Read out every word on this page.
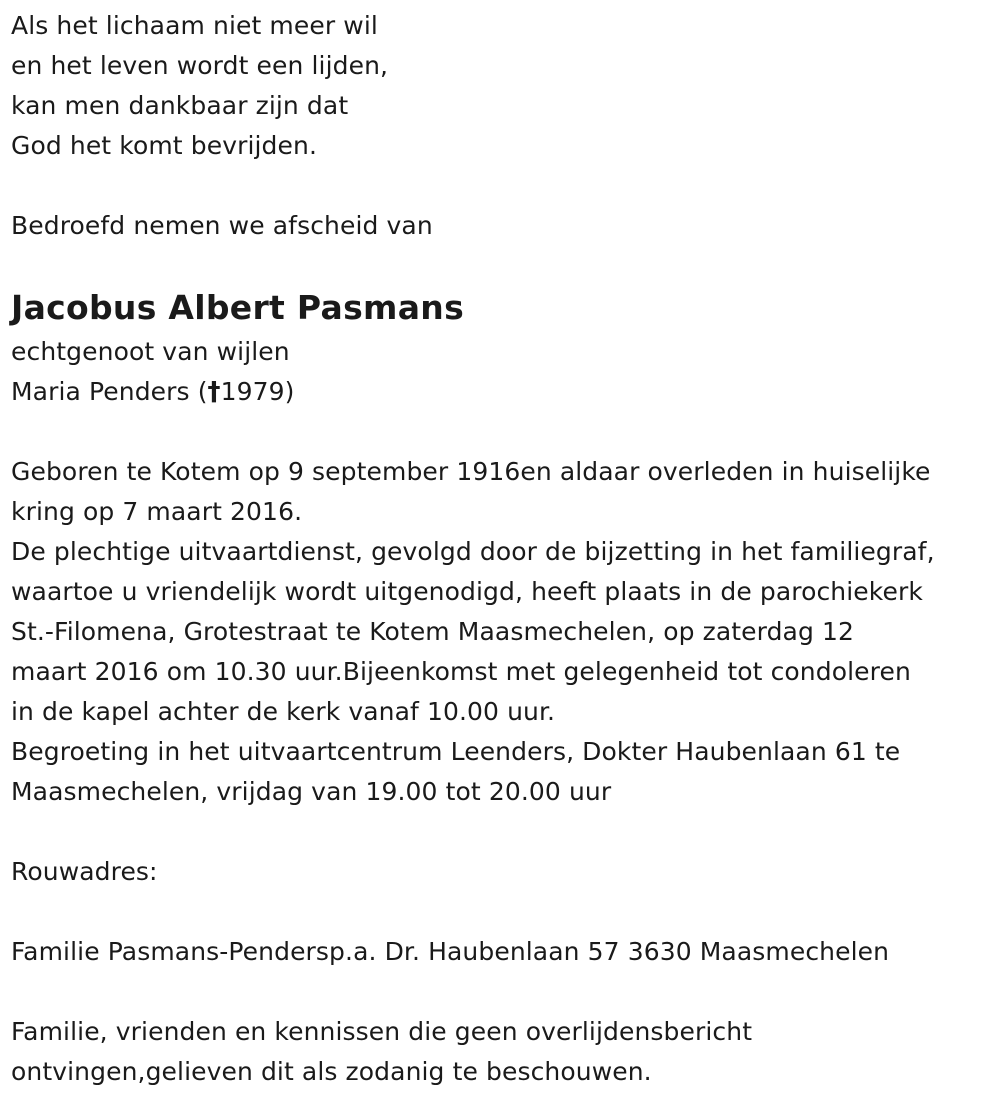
Als het lichaam niet meer wil
en het leven wordt een lijden,
kan men dankbaar zijn dat
God het komt bevrijden.
Bedroefd nemen we afscheid van
Jacobus Albert Pasmans
echtgenoot van wijlen
Maria Penders (†1979)
Geboren te Kotem op 9 september 1916en aldaar overleden in huiselijke
kring op 7 maart 2016.
De plechtige uitvaartdienst, gevolgd door de bijzetting in het familiegraf,
waartoe u vriendelijk wordt uitgenodigd, heeft plaats in de parochiekerk
St.-Filomena, Grotestraat te Kotem Maasmechelen, op zaterdag 12
maart 2016 om 10.30 uur.Bijeenkomst met gelegenheid tot condoleren
in de kapel achter de kerk vanaf 10.00 uur.
Begroeting in het uitvaartcentrum Leenders, Dokter Haubenlaan 61 te
Maasmechelen, vrijdag van 19.00 tot 20.00 uur
Rouwadres:
Familie Pasmans-Pendersp.a. Dr. Haubenlaan 57 3630 Maasmechelen
Familie, vrienden en kennissen die geen overlijdensbericht
ontvingen,gelieven dit als zodanig te beschouwen.
